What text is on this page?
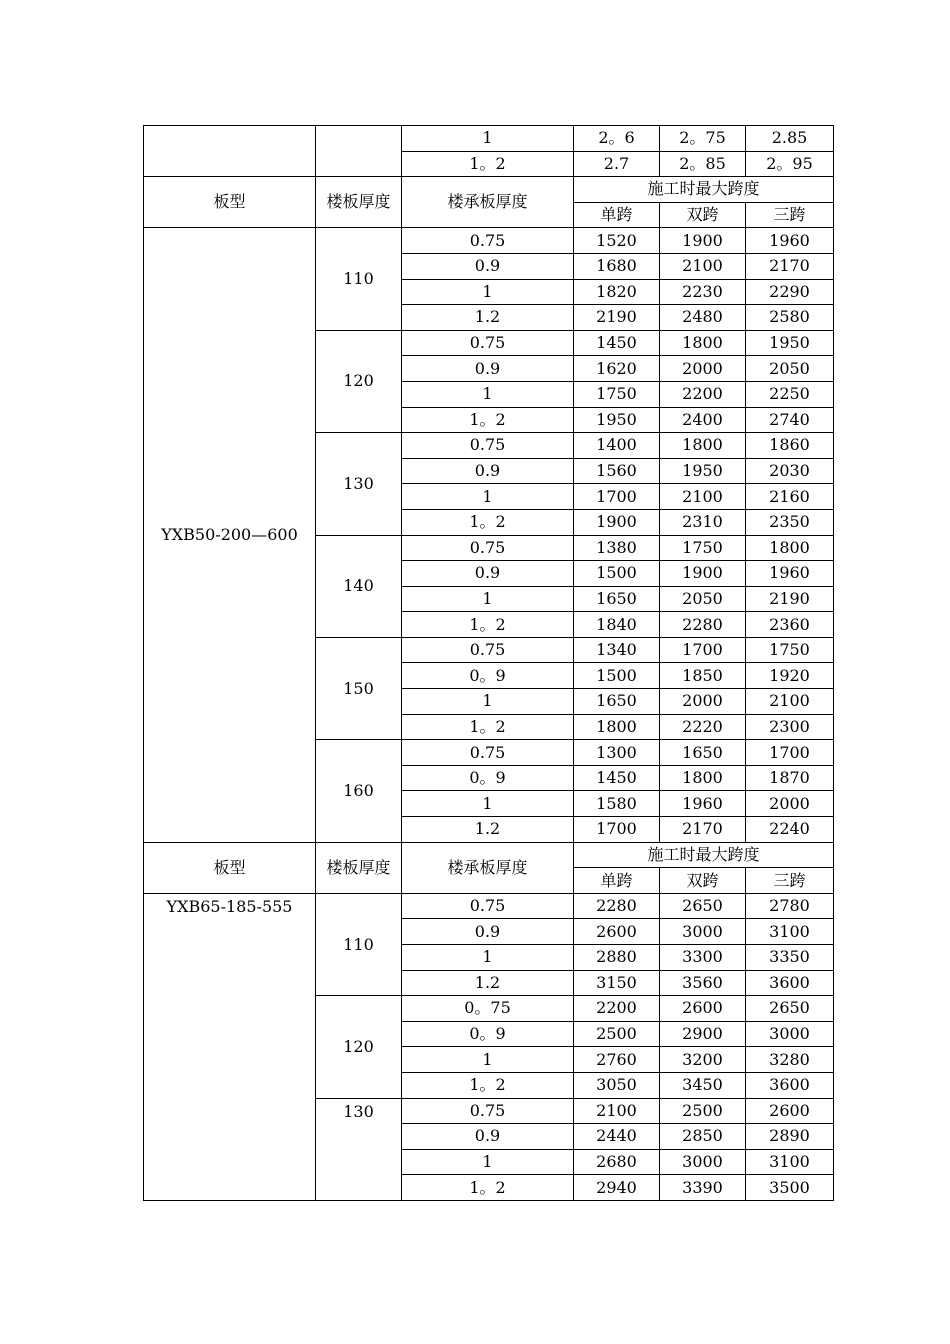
		1	2。6	2。75	2.85
		1。2	2.7	2。85	2。95
板型	楼板厚度	楼承板厚度	施工时最大跨度		
			单跨	双跨	三跨
YXB50-200—600	110	0.75	1520	1900	1960
		0.9	1680	2100	2170
		1	1820	2230	2290
		1.2	2190	2480	2580
	120	0.75	1450	1800	1950
		0.9	1620	2000	2050
		1	1750	2200	2250
		1。2	1950	2400	2740
	130	0.75	1400	1800	1860
		0.9	1560	1950	2030
		1	1700	2100	2160
		1。2	1900	2310	2350
	140	0.75	1380	1750	1800
		0.9	1500	1900	1960
		1	1650	2050	2190
		1。2	1840	2280	2360
	150	0.75	1340	1700	1750
		0。9	1500	1850	1920
		1	1650	2000	2100
		1。2	1800	2220	2300
	160	0.75	1300	1650	1700
		0。9	1450	1800	1870
		1	1580	1960	2000
		1.2	1700	2170	2240
板型	楼板厚度	楼承板厚度	施工时最大跨度		
			单跨	双跨	三跨
YXB65-185-555	110	0.75	2280	2650	2780
		0.9	2600	3000	3100
		1	2880	3300	3350
		1.2	3150	3560	3600
	120	0。75	2200	2600	2650
		0。9	2500	2900	3000
		1	2760	3200	3280
		1。2	3050	3450	3600
	130	0.75	2100	2500	2600
		0.9	2440	2850	2890
		1	2680	3000	3100
		1。2	2940	3390	3500
